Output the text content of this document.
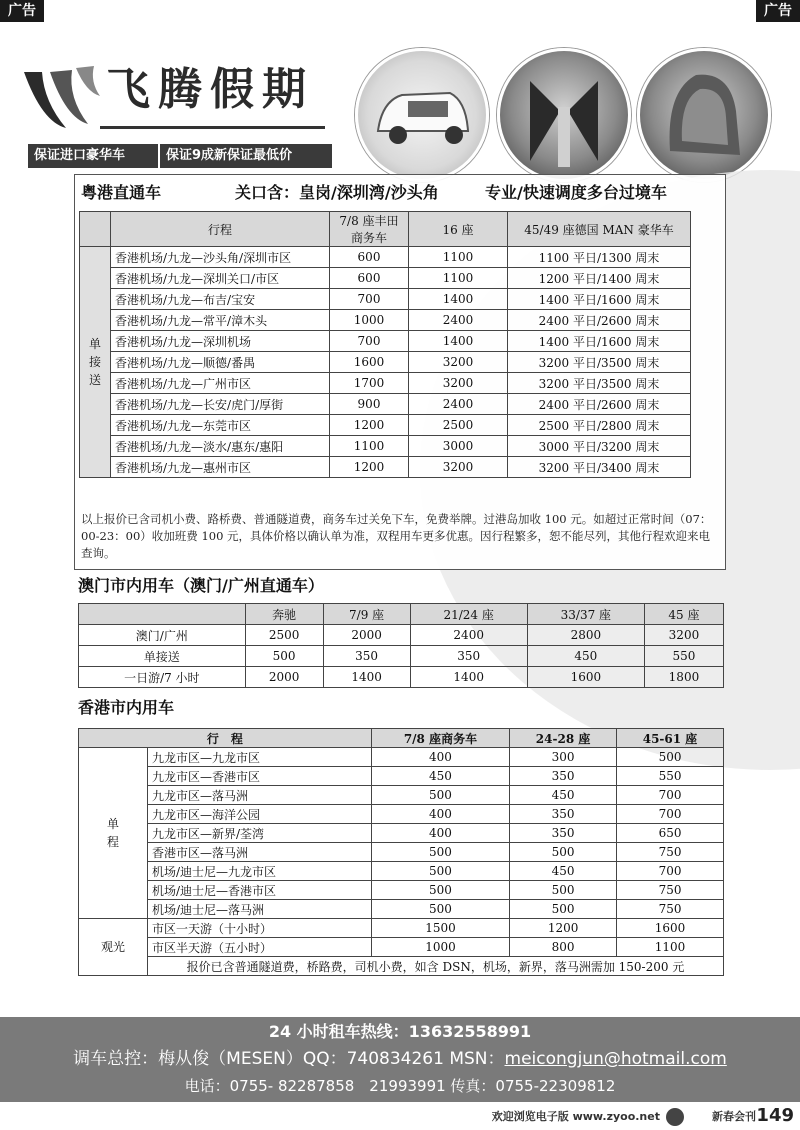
广告	广告
飞腾假期
保证进口豪华车	保证9成新保证最低价
粤港直通车	关口含：皇岗/深圳湾/沙头角	专业/快速调度多台过境车
	行程	7/8 座丰田 商务车	16 座	45/49 座德国 MAN 豪华车

单
接
送	香港机场/九龙—沙头角/深圳市区	600	1100	1100 平日/1300 周末
	香港机场/九龙—深圳关口/市区	600	1100	1200 平日/1400 周末
	香港机场/九龙—布吉/宝安	700	1400	1400 平日/1600 周末
	香港机场/九龙—常平/漳木头	1000	2400	2400 平日/2600 周末
	香港机场/九龙—深圳机场	700	1400	1400 平日/1600 周末
	香港机场/九龙—顺德/番禺	1600	3200	3200 平日/3500 周末
	香港机场/九龙—广州市区	1700	3200	3200 平日/3500 周末
	香港机场/九龙—长安/虎门/厚街	900	2400	2400 平日/2600 周末
	香港机场/九龙—东莞市区	1200	2500	2500 平日/2800 周末
	香港机场/九龙—淡水/惠东/惠阳	1100	3000	3000 平日/3200 周末
	香港机场/九龙—惠州市区	1200	3200	3200 平日/3400 周末
以上报价已含司机小费、路桥费、普通隧道费，商务车过关免下车，免费举牌。过港岛加收 100 元。如超过正常时间（07：00-23：00）收加班费 100 元，具体价格以确认单为准，双程用车更多优惠。因行程繁多，恕不能尽列，其他行程欢迎来电查询。
澳门市内用车（澳门/广州直通车）
	奔驰	7/9 座	21/24 座	33/37 座	45 座
澳门/广州	2500	2000	2400	2800	3200
单接送	500	350	350	450	550
一日游/7 小时	2000	1400	1400	1600	1800
香港市内用车
行　程		7/8 座商务车	24-28 座	45-61 座

单
程	九龙市区—九龙市区	400	300	500
	九龙市区—香港市区	450	350	550
	九龙市区—落马洲	500	450	700
	九龙市区—海洋公园	400	350	700
	九龙市区—新界/荃湾	400	350	650
	香港市区—落马洲	500	500	750
	机场/迪士尼—九龙市区	500	450	700
	机场/迪士尼—香港市区	500	500	750
	机场/迪士尼—落马洲	500	500	750
观光	市区一天游（十小时）	1500	1200	1600
	市区半天游（五小时）	1000	800	1100
	报价已含普通隧道费，桥路费，司机小费，如含 DSN，机场，新界，落马洲需加 150-200 元			
24 小时租车热线：13632558991
调车总控：梅从俊（MESEN）QQ：740834261 MSN：meicongjun@hotmail.com
电话：0755- 82287858　21993991 传真：0755-22309812
欢迎浏览电子版 www.zyoo.net	新春会刊 149
